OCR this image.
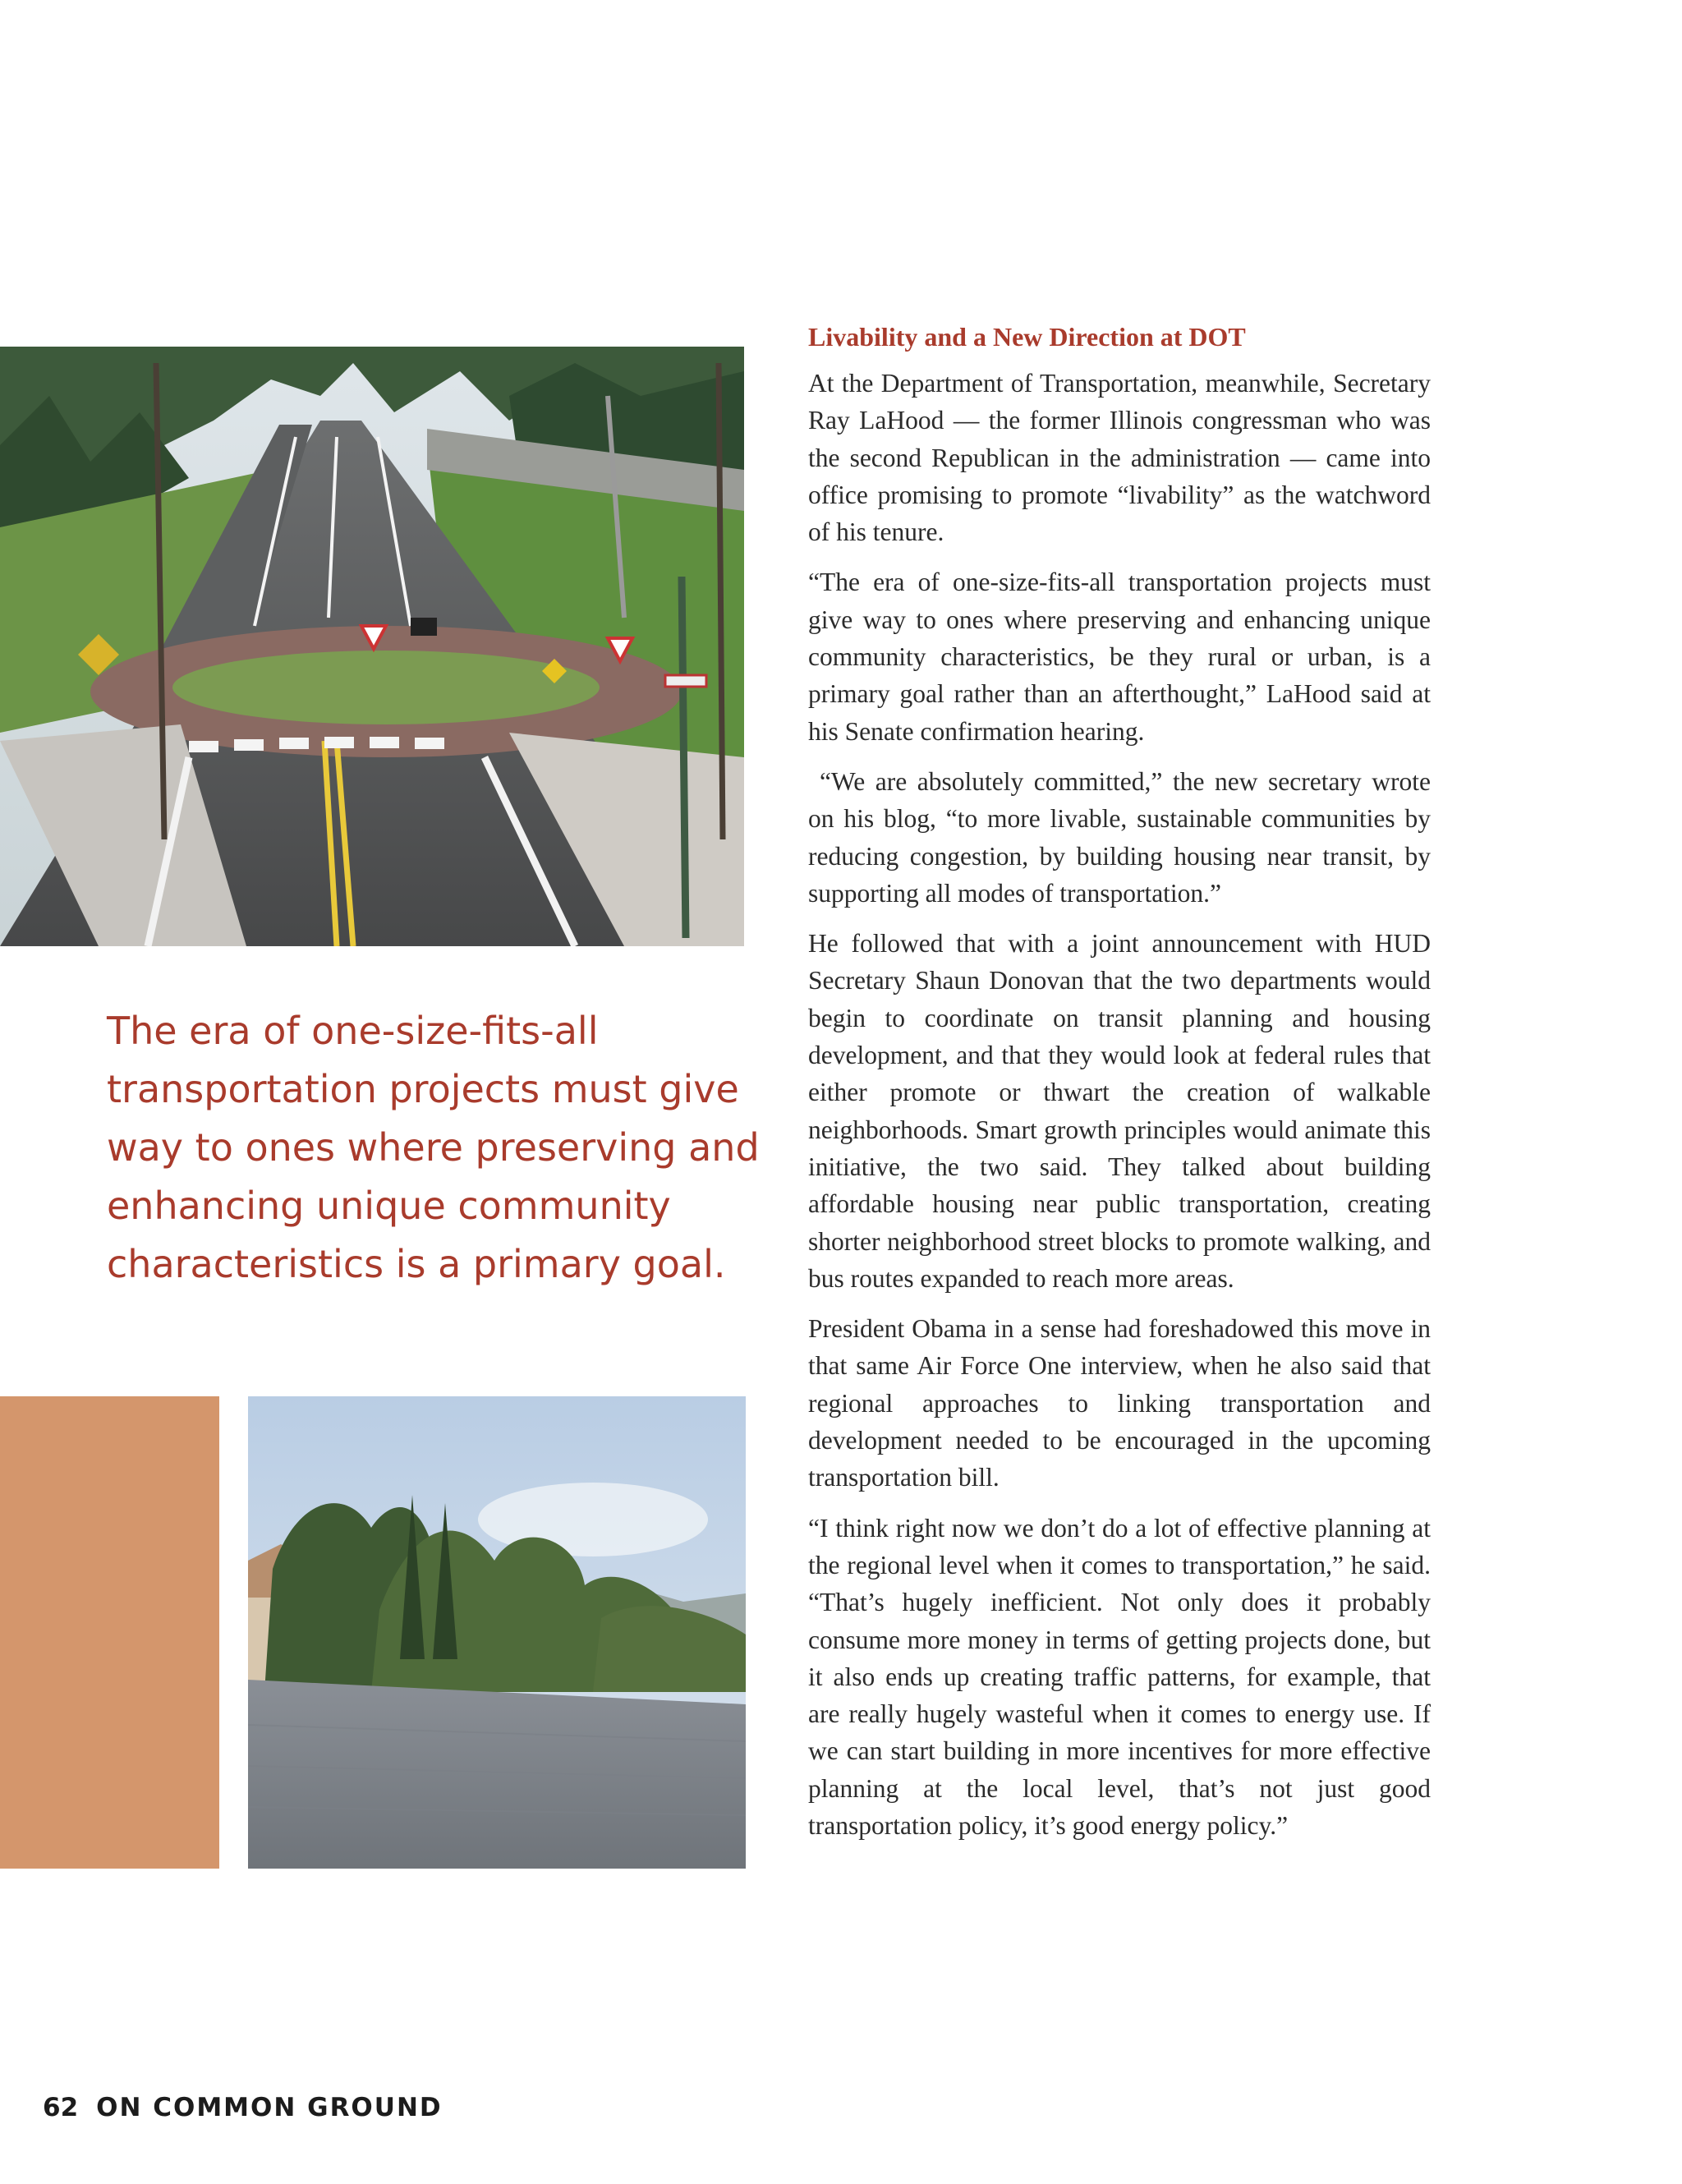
The era of one-size-fits-all transportation projects must give way to ones where preserving and enhancing unique community characteristics is a primary goal.

Livability and a New Direction at DOT

At the Department of Transportation, meanwhile, Secretary Ray LaHood — the former Illinois congressman who was the second Republican in the administration — came into office promising to promote “livability” as the watchword of his tenure.

“The era of one-size-fits-all transportation projects must give way to ones where preserving and enhancing unique community characteristics, be they rural or urban, is a primary goal rather than an afterthought,” LaHood said at his Senate confirmation hearing.

“We are absolutely committed,” the new secretary wrote on his blog, “to more livable, sustainable communities by reducing congestion, by building housing near transit, by supporting all modes of transportation.”

He followed that with a joint announcement with HUD Secretary Shaun Donovan that the two departments would begin to coordinate on transit planning and housing development, and that they would look at federal rules that either promote or thwart the creation of walkable neighborhoods. Smart growth principles would animate this initiative, the two said. They talked about building affordable housing near public transportation, creating shorter neighborhood street blocks to promote walking, and bus routes expanded to reach more areas.

President Obama in a sense had foreshadowed this move in that same Air Force One interview, when he also said that regional approaches to linking transportation and development needed to be encouraged in the upcoming transportation bill.

“I think right now we don’t do a lot of effective planning at the regional level when it comes to transportation,” he said. “That’s hugely inefficient. Not only does it probably consume more money in terms of getting projects done, but it also ends up creating traffic patterns, for example, that are really hugely wasteful when it comes to energy use. If we can start building in more incentives for more effective planning at the local level, that’s not just good transportation policy, it’s good energy policy.”

62 ON COMMON GROUND
